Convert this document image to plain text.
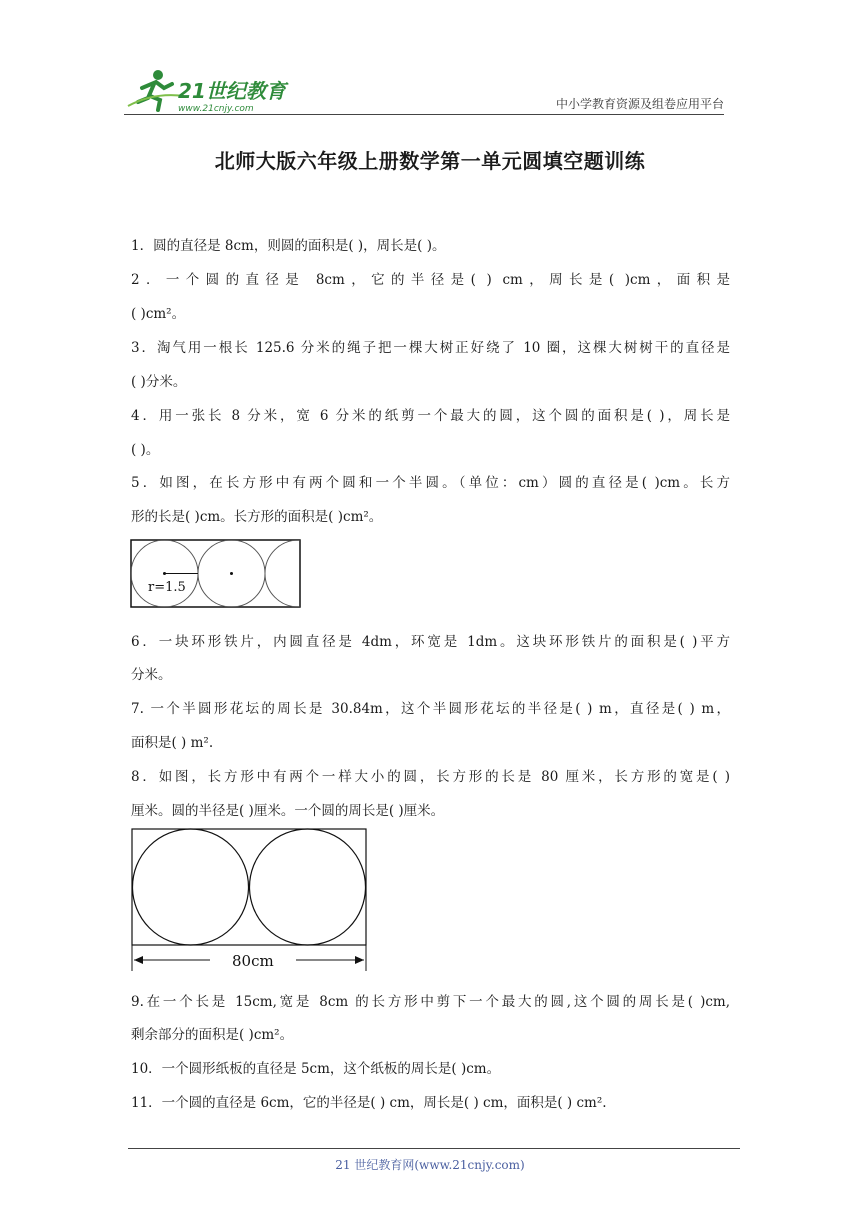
21世纪教育
www.21cnjy.com	中小学教育资源及组卷应用平台
北师大版六年级上册数学第一单元圆填空题训练
1．圆的直径是 8cm，则圆的面积是( )，周长是( )。
2．一个圆的直径是 8cm，它的半径是( ) cm，周长是( )cm，面积是
( )cm²。
3．淘气用一根长 125.6 分米的绳子把一棵大树正好绕了 10 圈，这棵大树树干的直径是
( )分米。
4．用一张长 8 分米，宽 6 分米的纸剪一个最大的圆，这个圆的面积是( )，周长是
( )。
5．如图，在长方形中有两个圆和一个半圆。（单位：cm）圆的直径是( )cm。长方
形的长是( )cm。长方形的面积是( )cm²。
r=1.5
6．一块环形铁片，内圆直径是 4dm，环宽是 1dm。这块环形铁片的面积是( )平方
分米。
7. 一个半圆形花坛的周长是 30.84m，这个半圆形花坛的半径是( ) m，直径是( ) m，
面积是( ) m².
8．如图，长方形中有两个一样大小的圆，长方形的长是 80 厘米，长方形的宽是( )
厘米。圆的半径是( )厘米。一个圆的周长是( )厘米。
80cm
9.在一个长是 15cm,宽是 8cm 的长方形中剪下一个最大的圆,这个圆的周长是( )cm,
剩余部分的面积是( )cm²。
10．一个圆形纸板的直径是 5cm，这个纸板的周长是( )cm。
11．一个圆的直径是 6cm，它的半径是( ) cm，周长是( ) cm，面积是( ) cm².
21 世纪教育网(www.21cnjy.com)
